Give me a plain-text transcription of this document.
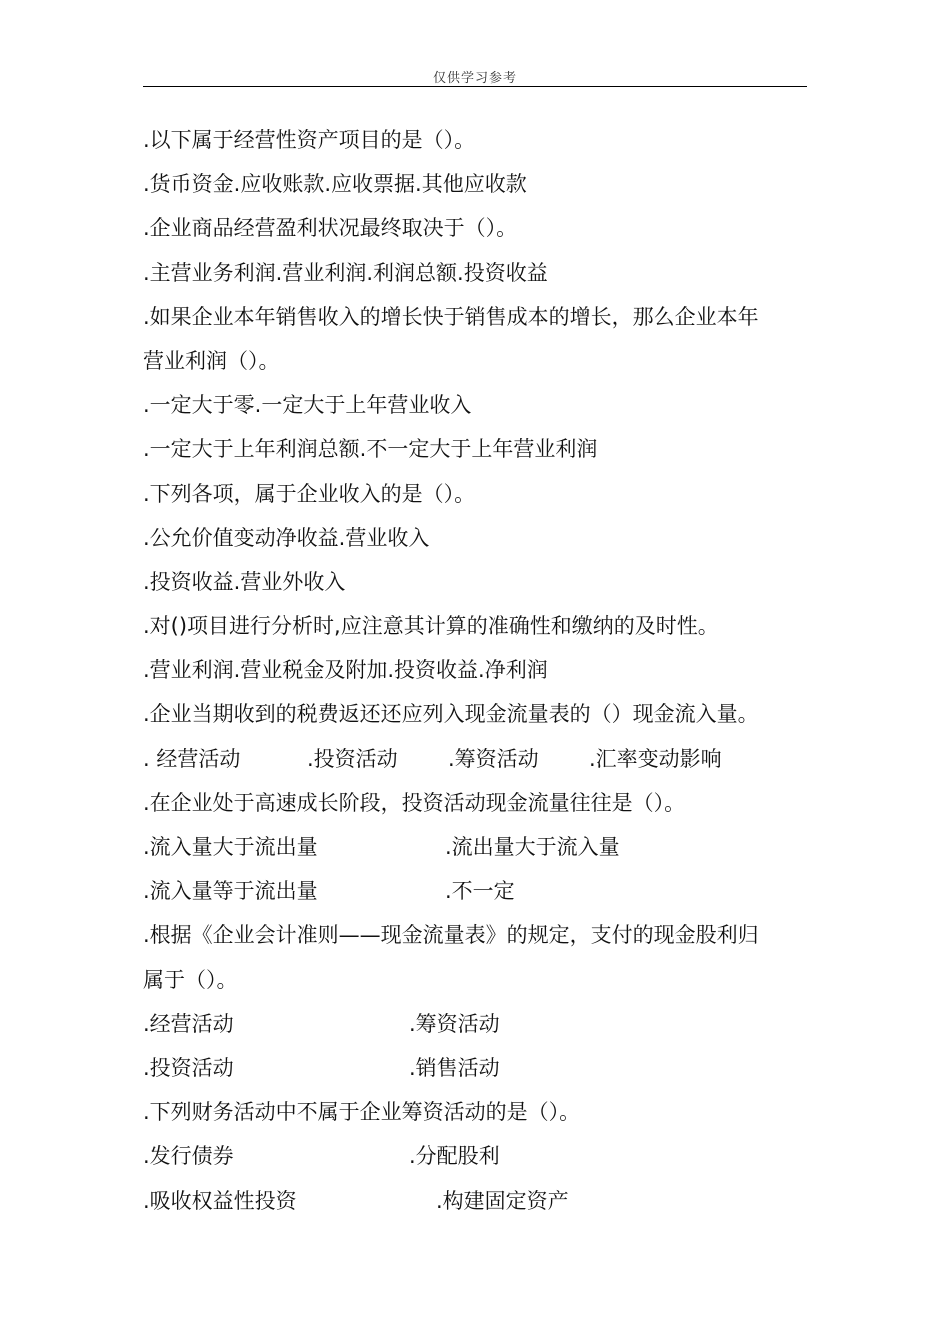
仅供学习参考
.以下属于经营性资产项目的是（）。
.货币资金.应收账款.应收票据.其他应收款
.企业商品经营盈利状况最终取决于（）。
.主营业务利润.营业利润.利润总额.投资收益
.如果企业本年销售收入的增长快于销售成本的增长，那么企业本年
营业利润（）。
.一定大于零.一定大于上年营业收入
.一定大于上年利润总额.不一定大于上年营业利润
.下列各项，属于企业收入的是（）。
.公允价值变动净收益.营业收入
.投资收益.营业外收入
.对()项目进行分析时,应注意其计算的准确性和缴纳的及时性。
.营业利润.营业税金及附加.投资收益.净利润
.企业当期收到的税费返还还应列入现金流量表的（）现金流入量。
. 经营活动	.投资活动 .筹资活动 .汇率变动影响
.在企业处于高速成长阶段，投资活动现金流量往往是（）。
.流入量大于流出量	.流出量大于流入量
.流入量等于流出量	.不一定
.根据《企业会计准则——现金流量表》的规定，支付的现金股利归
属于（）。
.经营活动	.筹资活动
.投资活动	.销售活动
.下列财务活动中不属于企业筹资活动的是（）。
.发行债券	.分配股利
.吸收权益性投资	.构建固定资产
